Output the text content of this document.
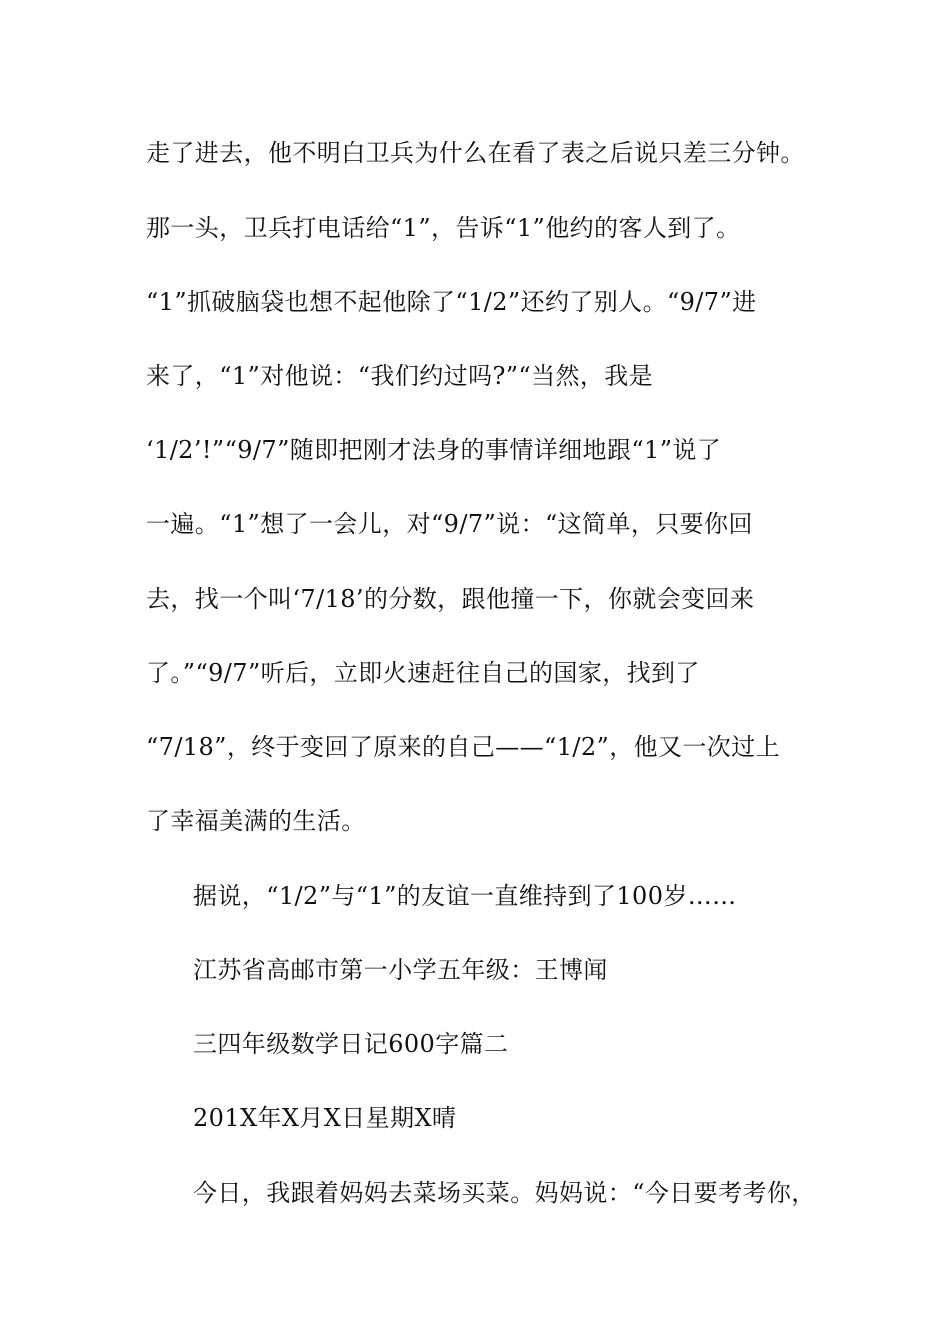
走了进去，他不明白卫兵为什么在看了表之后说只差三分钟。
那一头，卫兵打电话给“1”，告诉“1”他约的客人到了。
“1”抓破脑袋也想不起他除了“1/2”还约了别人。“9/7”进
来了，“1”对他说：“我们约过吗?”“当然，我是
‘1/2’!”“9/7”随即把刚才法身的事情详细地跟“1”说了
一遍。“1”想了一会儿，对“9/7”说：“这简单，只要你回
去，找一个叫‘7/18’的分数，跟他撞一下，你就会变回来
了。”“9/7”听后，立即火速赶往自己的国家，找到了
“7/18”，终于变回了原来的自己——“1/2”，他又一次过上
了幸福美满的生活。
据说，“1/2”与“1”的友谊一直维持到了100岁……
江苏省高邮市第一小学五年级：王博闻
三四年级数学日记600字篇二
201X年X月X日星期X晴
今日，我跟着妈妈去菜场买菜。妈妈说：“今日要考考你，
